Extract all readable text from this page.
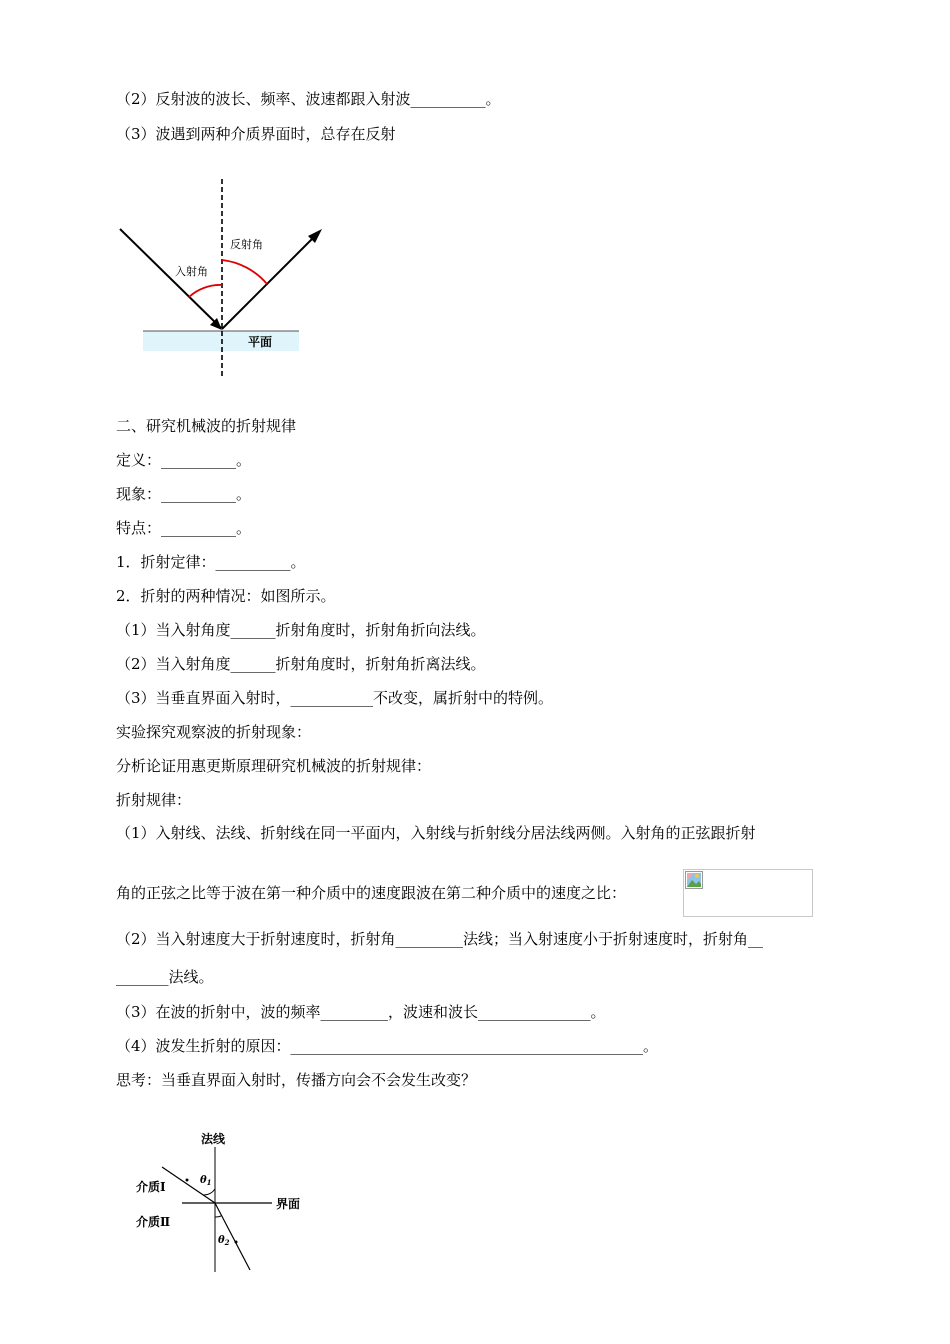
（2）反射波的波长、频率、波速都跟入射波__________。
（3）波遇到两种介质界面时，总存在反射
反射角
入射角
平面
二、研究机械波的折射规律
定义：__________。
现象：__________。
特点：__________。
1．折射定律：__________。
2．折射的两种情况：如图所示。
（1）当入射角度______折射角度时，折射角折向法线。
（2）当入射角度______折射角度时，折射角折离法线。
（3）当垂直界面入射时，___________不改变，属折射中的特例。
实验探究观察波的折射现象：
分析论证用惠更斯原理研究机械波的折射规律：
折射规律：
（1）入射线、法线、折射线在同一平面内，入射线与折射线分居法线两侧。入射角的正弦跟折射
角的正弦之比等于波在第一种介质中的速度跟波在第二种介质中的速度之比：
（2）当入射速度大于折射速度时，折射角_________法线；当入射速度小于折射速度时，折射角__
_______法线。
（3）在波的折射中，波的频率_________，波速和波长_______________。
（4）波发生折射的原因：_______________________________________________。
思考：当垂直界面入射时，传播方向会不会发生改变？
法线
介质Ⅰ
介质Ⅱ
界面
$\theta_1$
$\theta_2$
